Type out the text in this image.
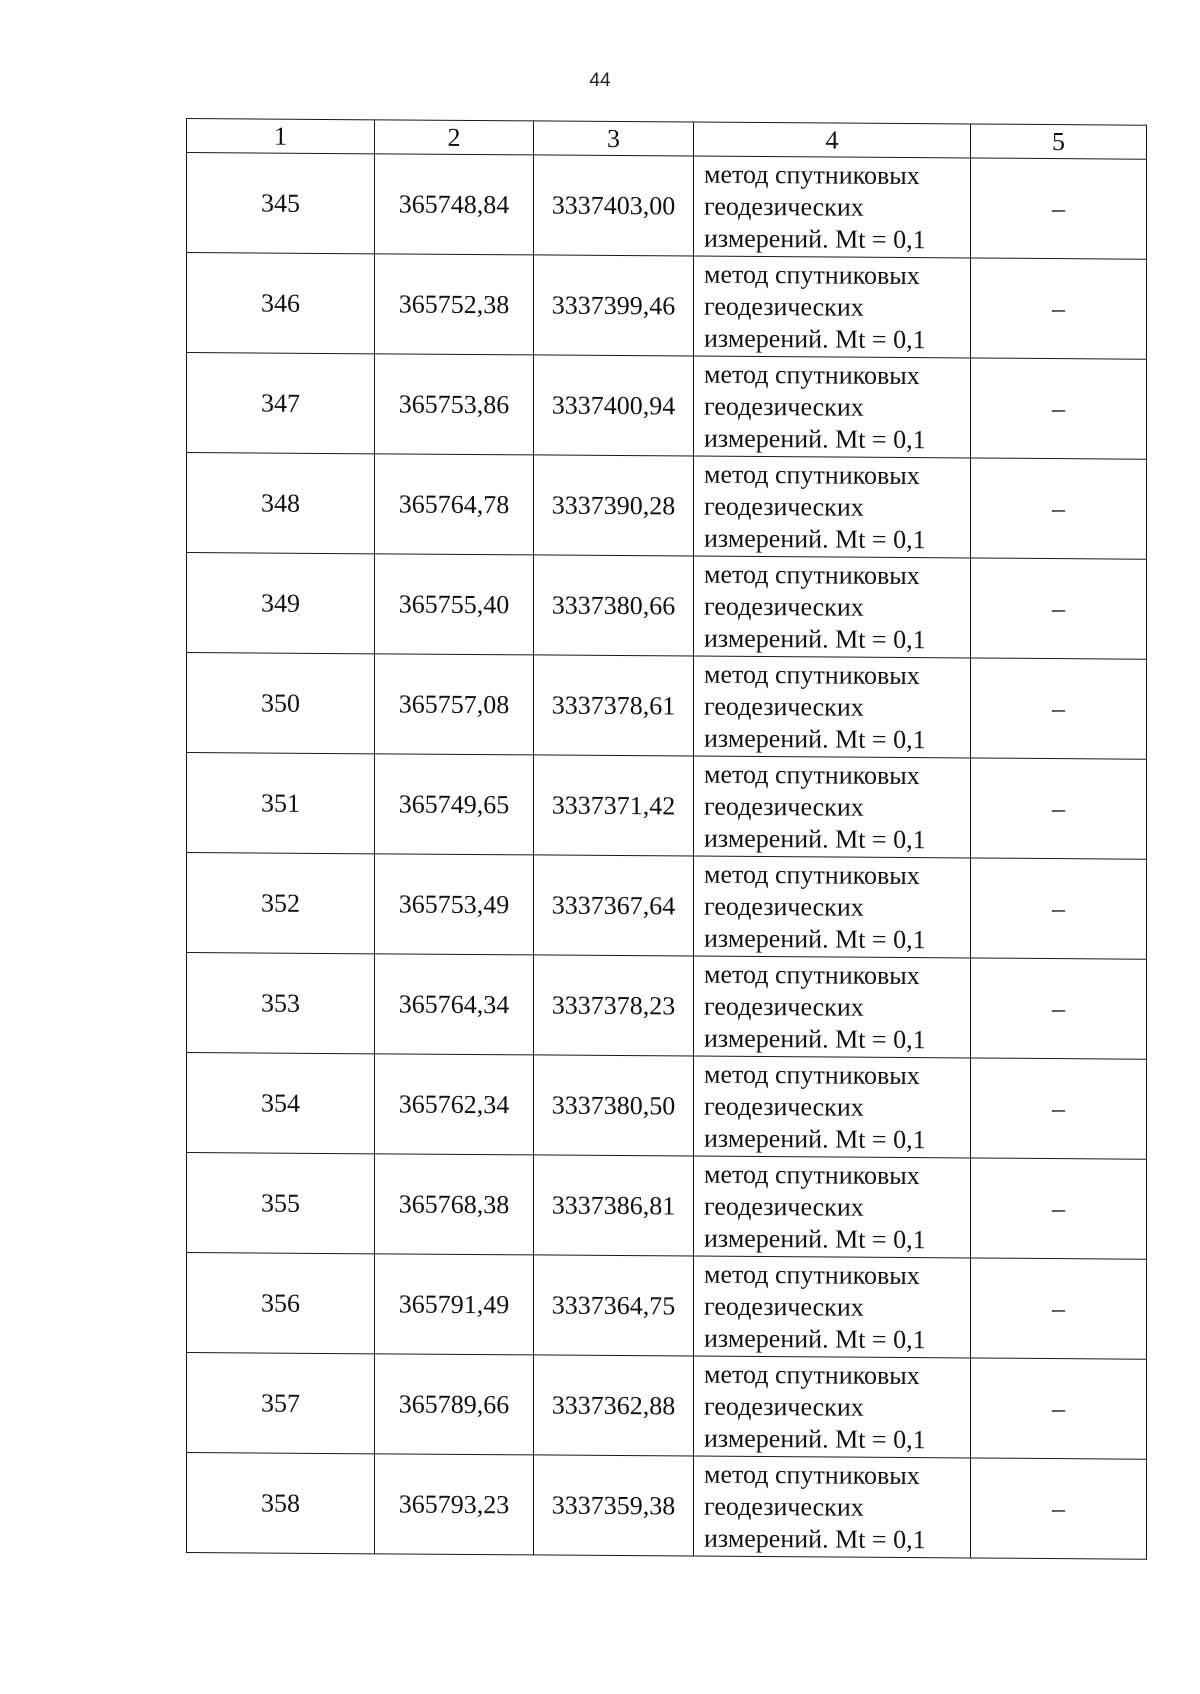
44
1	2	3	4	5
345	365748,84	3337403,00	метод спутниковых
геодезических
измерений. Mt = 0,1	–
346	365752,38	3337399,46	метод спутниковых
геодезических
измерений. Mt = 0,1	–
347	365753,86	3337400,94	метод спутниковых
геодезических
измерений. Mt = 0,1	–
348	365764,78	3337390,28	метод спутниковых
геодезических
измерений. Mt = 0,1	–
349	365755,40	3337380,66	метод спутниковых
геодезических
измерений. Mt = 0,1	–
350	365757,08	3337378,61	метод спутниковых
геодезических
измерений. Mt = 0,1	–
351	365749,65	3337371,42	метод спутниковых
геодезических
измерений. Mt = 0,1	–
352	365753,49	3337367,64	метод спутниковых
геодезических
измерений. Mt = 0,1	–
353	365764,34	3337378,23	метод спутниковых
геодезических
измерений. Mt = 0,1	–
354	365762,34	3337380,50	метод спутниковых
геодезических
измерений. Mt = 0,1	–
355	365768,38	3337386,81	метод спутниковых
геодезических
измерений. Mt = 0,1	–
356	365791,49	3337364,75	метод спутниковых
геодезических
измерений. Mt = 0,1	–
357	365789,66	3337362,88	метод спутниковых
геодезических
измерений. Mt = 0,1	–
358	365793,23	3337359,38	метод спутниковых
геодезических
измерений. Mt = 0,1	–
